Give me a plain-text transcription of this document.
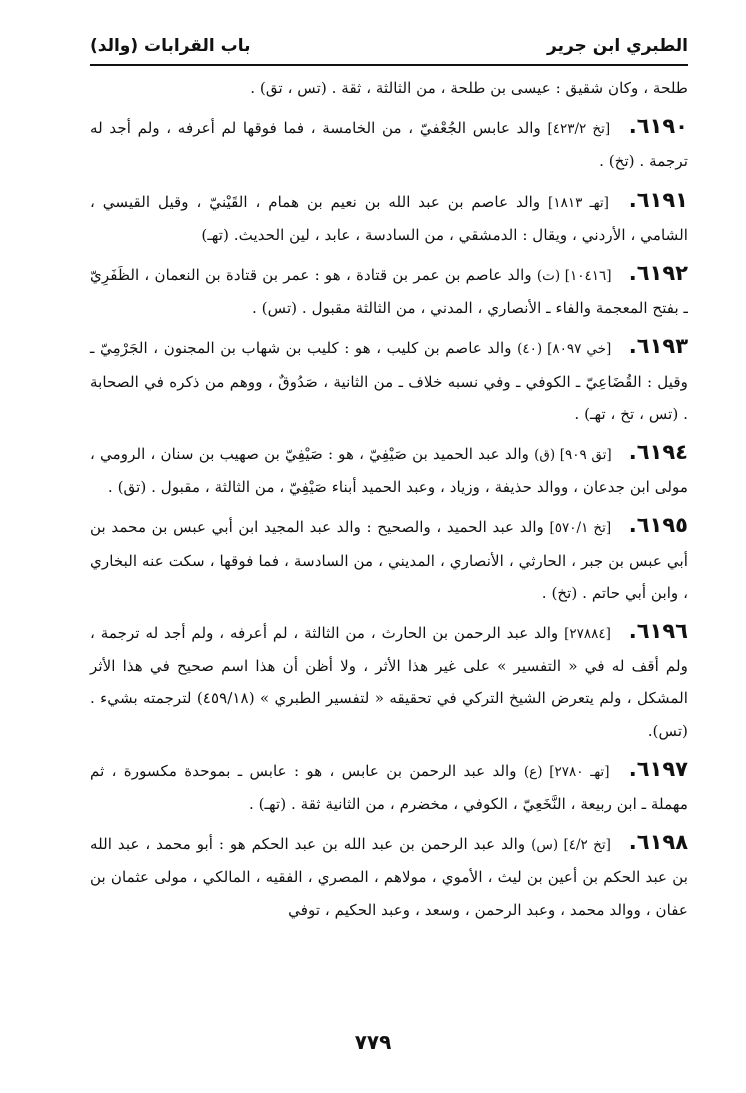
الطبري ابن جرير
باب القرابات (والد)

طلحة ، وكان شقيق : عيسى بن طلحة ، من الثالثة ، ثقة . (تس ، تق) .

٦١٩٠. [تخ ٤٢٣/٢] والد عابس الجُعْفيّ ، من الخامسة ، فما فوقها لم أعرفه ، ولم أجد له ترجمة . (تخ) .

٦١٩١. [تهـ ١٨١٣] والد عاصم بن عبد الله بن نعيم بن همام ، القَيْنيّ ، وقيل القيسي ، الشامي ، الأردني ، ويقال : الدمشقي ، من السادسة ، عابد ، لين الحديث. (تهـ)

٦١٩٢. [١٠٤١٦] (ت) والد عاصم بن عمر بن قتادة ، هو : عمر بن قتادة بن النعمان ، الظَفَرِيّ ـ بفتح المعجمة والفاء ـ الأنصاري ، المدني ، من الثالثة مقبول . (تس) .

٦١٩٣. [خي ٨٠٩٧] (٤٠) والد عاصم بن كليب ، هو : كليب بن شهاب بن المجنون ، الجَرْمِيّ ـ وقيل : القُضَاعِيّ ـ الكوفي ـ وفي نسبه خلاف ـ من الثانية ، صَدُوقٌ ، ووهم من ذكره في الصحابة . (تس ، تخ ، تهـ) .

٦١٩٤. [تق ٩٠٩] (ق) والد عبد الحميد بن صَيْفِيّ ، هو : صَيْفِيّ بن صهيب بن سنان ، الرومي ، مولى ابن جدعان ، ووالد حذيفة ، وزياد ، وعبد الحميد أبناء صَيْفِيّ ، من الثالثة ، مقبول . (تق) .

٦١٩٥. [تخ ٥٧٠/١] والد عبد الحميد ، والصحيح : والد عبد المجيد ابن أبي عبس بن محمد بن أبي عبس بن جبر ، الحارثي ، الأنصاري ، المديني ، من السادسة ، فما فوقها ، سكت عنه البخاري ، وابن أبي حاتم . (تخ) .

٦١٩٦. [٢٧٨٨٤] والد عبد الرحمن بن الحارث ، من الثالثة ، لم أعرفه ، ولم أجد له ترجمة ، ولم أقف له في « التفسير » على غير هذا الأثر ، ولا أظن أن هذا اسم صحيح في هذا الأثر المشكل ، ولم يتعرض الشيخ التركي في تحقيقه « لتفسير الطبري » (٤٥٩/١٨) لترجمته بشيء . (تس).

٦١٩٧. [تهـ ٢٧٨٠] (ع) والد عبد الرحمن بن عابس ، هو : عابس ـ بموحدة مكسورة ، ثم مهملة ـ ابن ربيعة ، النَّخَعِيّ ، الكوفي ، مخضرم ، من الثانية ثقة . (تهـ) .

٦١٩٨. [تخ ٤/٢] (س) والد عبد الرحمن بن عبد الله بن عبد الحكم هو : أبو محمد ، عبد الله بن عبد الحكم بن أعين بن ليث ، الأموي ، مولاهم ، المصري ، الفقيه ، المالكي ، مولى عثمان بن عفان ، ووالد محمد ، وعبد الرحمن ، وسعد ، وعبد الحكيم ، توفي

٧٧٩
